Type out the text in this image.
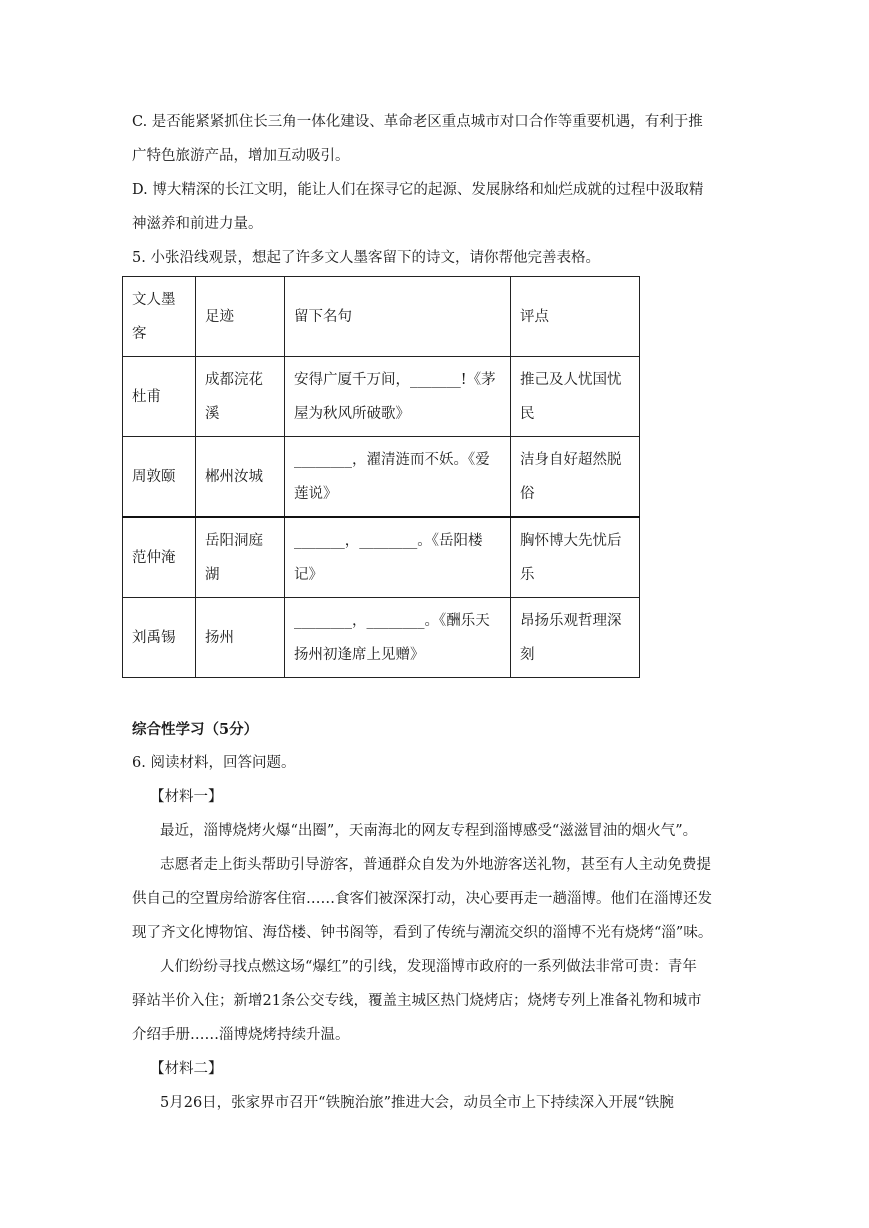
C. 是否能紧紧抓住长三角一体化建设、革命老区重点城市对口合作等重要机遇，有利于推
广特色旅游产品，增加互动吸引。
D. 博大精深的长江文明，能让人们在探寻它的起源、发展脉络和灿烂成就的过程中汲取精
神滋养和前进力量。
5. 小张沿线观景，想起了许多文人墨客留下的诗文，请你帮他完善表格。
文人墨客	足迹	留下名句	评点
杜甫	成都浣花溪	安得广厦千万间，_______!《茅屋为秋风所破歌》	推己及人忧国忧民
周敦颐	郴州汝城	________，濯清涟而不妖。《爱莲说》	洁身自好超然脱俗
范仲淹	岳阳洞庭湖	_______，________。《岳阳楼记》	胸怀博大先忧后乐
刘禹锡	扬州	________，________。《酬乐天扬州初逢席上见赠》	昂扬乐观哲理深刻
综合性学习（5分）
6. 阅读材料，回答问题。
【材料一】
最近，淄博烧烤火爆“出圈”，天南海北的网友专程到淄博感受“滋滋冒油的烟火气”。
志愿者走上街头帮助引导游客，普通群众自发为外地游客送礼物，甚至有人主动免费提
供自己的空置房给游客住宿……食客们被深深打动，决心要再走一趟淄博。他们在淄博还发
现了齐文化博物馆、海岱楼、钟书阁等，看到了传统与潮流交织的淄博不光有烧烤“淄”味。
人们纷纷寻找点燃这场“爆红”的引线，发现淄博市政府的一系列做法非常可贵：青年
驿站半价入住；新增21条公交专线，覆盖主城区热门烧烤店；烧烤专列上准备礼物和城市
介绍手册……淄博烧烤持续升温。
【材料二】
5月26日，张家界市召开“铁腕治旅”推进大会，动员全市上下持续深入开展“铁腕
